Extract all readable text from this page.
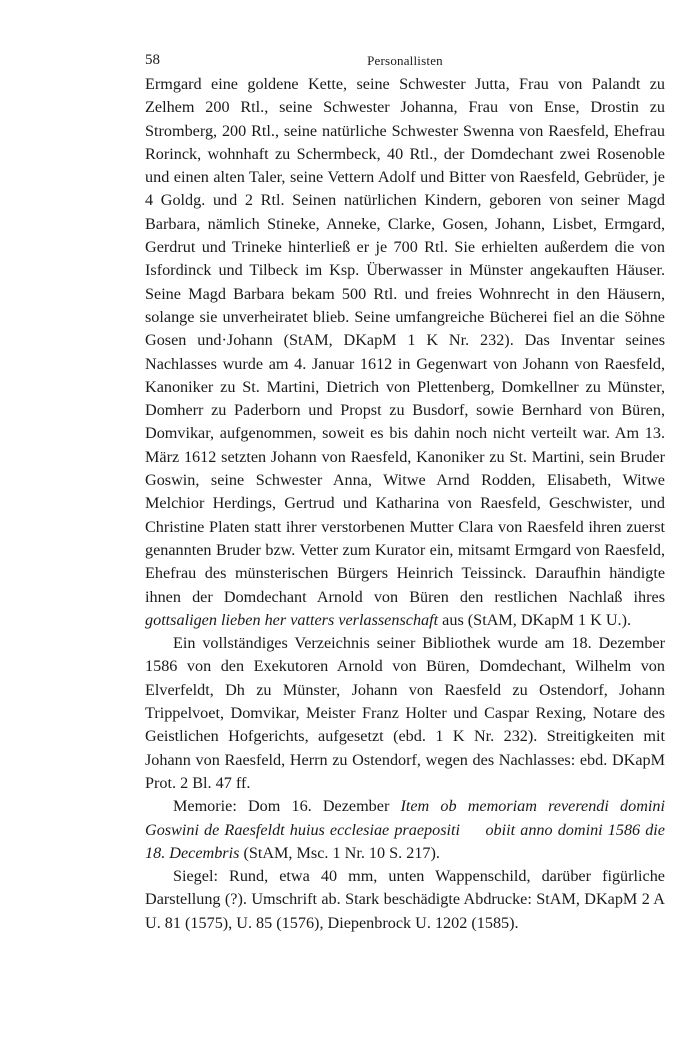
58	Personallisten

Ermgard eine goldene Kette, seine Schwester Jutta, Frau von Palandt zu Zelhem 200 Rtl., seine Schwester Johanna, Frau von Ense, Drostin zu Stromberg, 200 Rtl., seine natürliche Schwester Swenna von Raesfeld, Ehefrau Rorinck, wohnhaft zu Schermbeck, 40 Rtl., der Domdechant zwei Rosenoble und einen alten Taler, seine Vettern Adolf und Bitter von Raesfeld, Gebrüder, je 4 Goldg. und 2 Rtl. Seinen natürlichen Kindern, geboren von seiner Magd Barbara, nämlich Stineke, Anneke, Clarke, Gosen, Johann, Lisbet, Ermgard, Gerdrut und Trineke hinterließ er je 700 Rtl. Sie erhielten außerdem die von Isfordinck und Tilbeck im Ksp. Überwasser in Münster angekauften Häuser. Seine Magd Barbara bekam 500 Rtl. und freies Wohnrecht in den Häusern, solange sie unverheiratet blieb. Seine umfangreiche Bücherei fiel an die Söhne Gosen und·Johann (StAM, DKapM 1 K Nr. 232). Das Inventar seines Nachlasses wurde am 4. Januar 1612 in Gegenwart von Johann von Raesfeld, Kanoniker zu St. Martini, Dietrich von Plettenberg, Domkellner zu Münster, Domherr zu Paderborn und Propst zu Busdorf, sowie Bernhard von Büren, Domvikar, aufgenommen, soweit es bis dahin noch nicht verteilt war. Am 13. März 1612 setzten Johann von Raesfeld, Kanoniker zu St. Martini, sein Bruder Goswin, seine Schwester Anna, Witwe Arnd Rodden, Elisabeth, Witwe Melchior Herdings, Gertrud und Katharina von Raesfeld, Geschwister, und Christine Platen statt ihrer verstorbenen Mutter Clara von Raesfeld ihren zuerst genannten Bruder bzw. Vetter zum Kurator ein, mitsamt Ermgard von Raesfeld, Ehefrau des münsterischen Bürgers Heinrich Teissinck. Daraufhin händigte ihnen der Domdechant Arnold von Büren den restlichen Nachlaß ihres gottsaligen lieben her vatters verlassenschaft aus (StAM, DKapM 1 K U.).

Ein vollständiges Verzeichnis seiner Bibliothek wurde am 18. Dezember 1586 von den Exekutoren Arnold von Büren, Domdechant, Wilhelm von Elverfeldt, Dh zu Münster, Johann von Raesfeld zu Ostendorf, Johann Trippelvoet, Domvikar, Meister Franz Holter und Caspar Rexing, Notare des Geistlichen Hofgerichts, aufgesetzt (ebd. 1 K Nr. 232). Streitigkeiten mit Johann von Raesfeld, Herrn zu Ostendorf, wegen des Nachlasses: ebd. DKapM Prot. 2 Bl. 47 ff.

Memorie: Dom 16. Dezember Item ob memoriam reverendi domini Goswini de Raesfeldt huius ecclesiae praepositi     obiit anno domini 1586 die 18. Decembris (StAM, Msc. 1 Nr. 10 S. 217).

Siegel: Rund, etwa 40 mm, unten Wappenschild, darüber figürliche Darstellung (?). Umschrift ab. Stark beschädigte Abdrucke: StAM, DKapM 2 A U. 81 (1575), U. 85 (1576), Diepenbrock U. 1202 (1585).
